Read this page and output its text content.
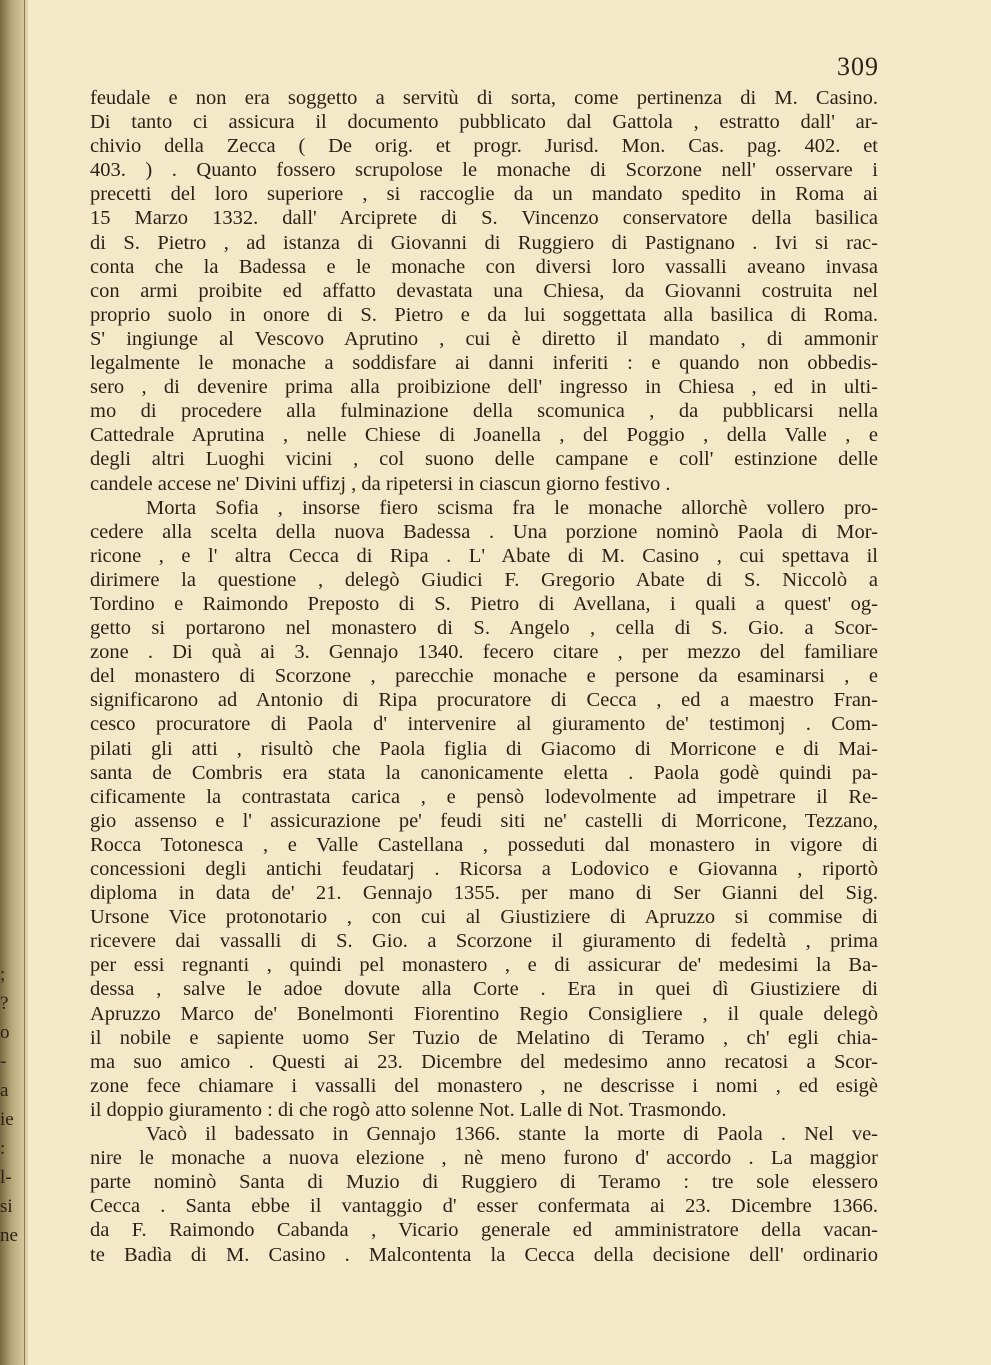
;
?
o
-
a
ie
:
l-
si
ne
309
feudale e non era soggetto a servitù di sorta, come pertinenza di M. Casino.
Di tanto ci assicura il documento pubblicato dal Gattola , estratto dall' ar-
chivio della Zecca ( De orig. et progr. Jurisd. Mon. Cas. pag. 402. et
403. ) . Quanto fossero scrupolose le monache di Scorzone nell' osservare i
precetti del loro superiore , si raccoglie da un mandato spedito in Roma ai
15 Marzo 1332. dall' Arciprete di S. Vincenzo conservatore della basilica
di S. Pietro , ad istanza di Giovanni di Ruggiero di Pastignano . Ivi si rac-
conta che la Badessa e le monache con diversi loro vassalli aveano invasa
con armi proibite ed affatto devastata una Chiesa, da Giovanni costruita nel
proprio suolo in onore di S. Pietro e da lui soggettata alla basilica di Roma.
S' ingiunge al Vescovo Aprutino , cui è diretto il mandato , di ammonir
legalmente le monache a soddisfare ai danni inferiti : e quando non obbedis-
sero , di devenire prima alla proibizione dell' ingresso in Chiesa , ed in ulti-
mo di procedere alla fulminazione della scomunica , da pubblicarsi nella
Cattedrale Aprutina , nelle Chiese di Joanella , del Poggio , della Valle , e
degli altri Luoghi vicini , col suono delle campane e coll' estinzione delle
candele accese ne' Divini uffizj , da ripetersi in ciascun giorno festivo .
Morta Sofia , insorse fiero scisma fra le monache allorchè vollero pro-
cedere alla scelta della nuova Badessa . Una porzione nominò Paola di Mor-
ricone , e l' altra Cecca di Ripa . L' Abate di M. Casino , cui spettava il
dirimere la questione , delegò Giudici F. Gregorio Abate di S. Niccolò a
Tordino e Raimondo Preposto di S. Pietro di Avellana, i quali a quest' og-
getto si portarono nel monastero di S. Angelo , cella di S. Gio. a Scor-
zone . Di quà ai 3. Gennajo 1340. fecero citare , per mezzo del familiare
del monastero di Scorzone , parecchie monache e persone da esaminarsi , e
significarono ad Antonio di Ripa procuratore di Cecca , ed a maestro Fran-
cesco procuratore di Paola d' intervenire al giuramento de' testimonj . Com-
pilati gli atti , risultò che Paola figlia di Giacomo di Morricone e di Mai-
santa de Combris era stata la canonicamente eletta . Paola godè quindi pa-
cificamente la contrastata carica , e pensò lodevolmente ad impetrare il Re-
gio assenso e l' assicurazione pe' feudi siti ne' castelli di Morricone, Tezzano,
Rocca Totonesca , e Valle Castellana , posseduti dal monastero in vigore di
concessioni degli antichi feudatarj . Ricorsa a Lodovico e Giovanna , riportò
diploma in data de' 21. Gennajo 1355. per mano di Ser Gianni del Sig.
Ursone Vice protonotario , con cui al Giustiziere di Apruzzo si commise di
ricevere dai vassalli di S. Gio. a Scorzone il giuramento di fedeltà , prima
per essi regnanti , quindi pel monastero , e di assicurar de' medesimi la Ba-
dessa , salve le adoe dovute alla Corte . Era in quei dì Giustiziere di
Apruzzo Marco de' Bonelmonti Fiorentino Regio Consigliere , il quale delegò
il nobile e sapiente uomo Ser Tuzio de Melatino di Teramo , ch' egli chia-
ma suo amico . Questi ai 23. Dicembre del medesimo anno recatosi a Scor-
zone fece chiamare i vassalli del monastero , ne descrisse i nomi , ed esigè
il doppio giuramento : di che rogò atto solenne Not. Lalle di Not. Trasmondo.
Vacò il badessato in Gennajo 1366. stante la morte di Paola . Nel ve-
nire le monache a nuova elezione , nè meno furono d' accordo . La maggior
parte nominò Santa di Muzio di Ruggiero di Teramo : tre sole elessero
Cecca . Santa ebbe il vantaggio d' esser confermata ai 23. Dicembre 1366.
da F. Raimondo Cabanda , Vicario generale ed amministratore della vacan-
te Badìa di M. Casino . Malcontenta la Cecca della decisione dell' ordinario
